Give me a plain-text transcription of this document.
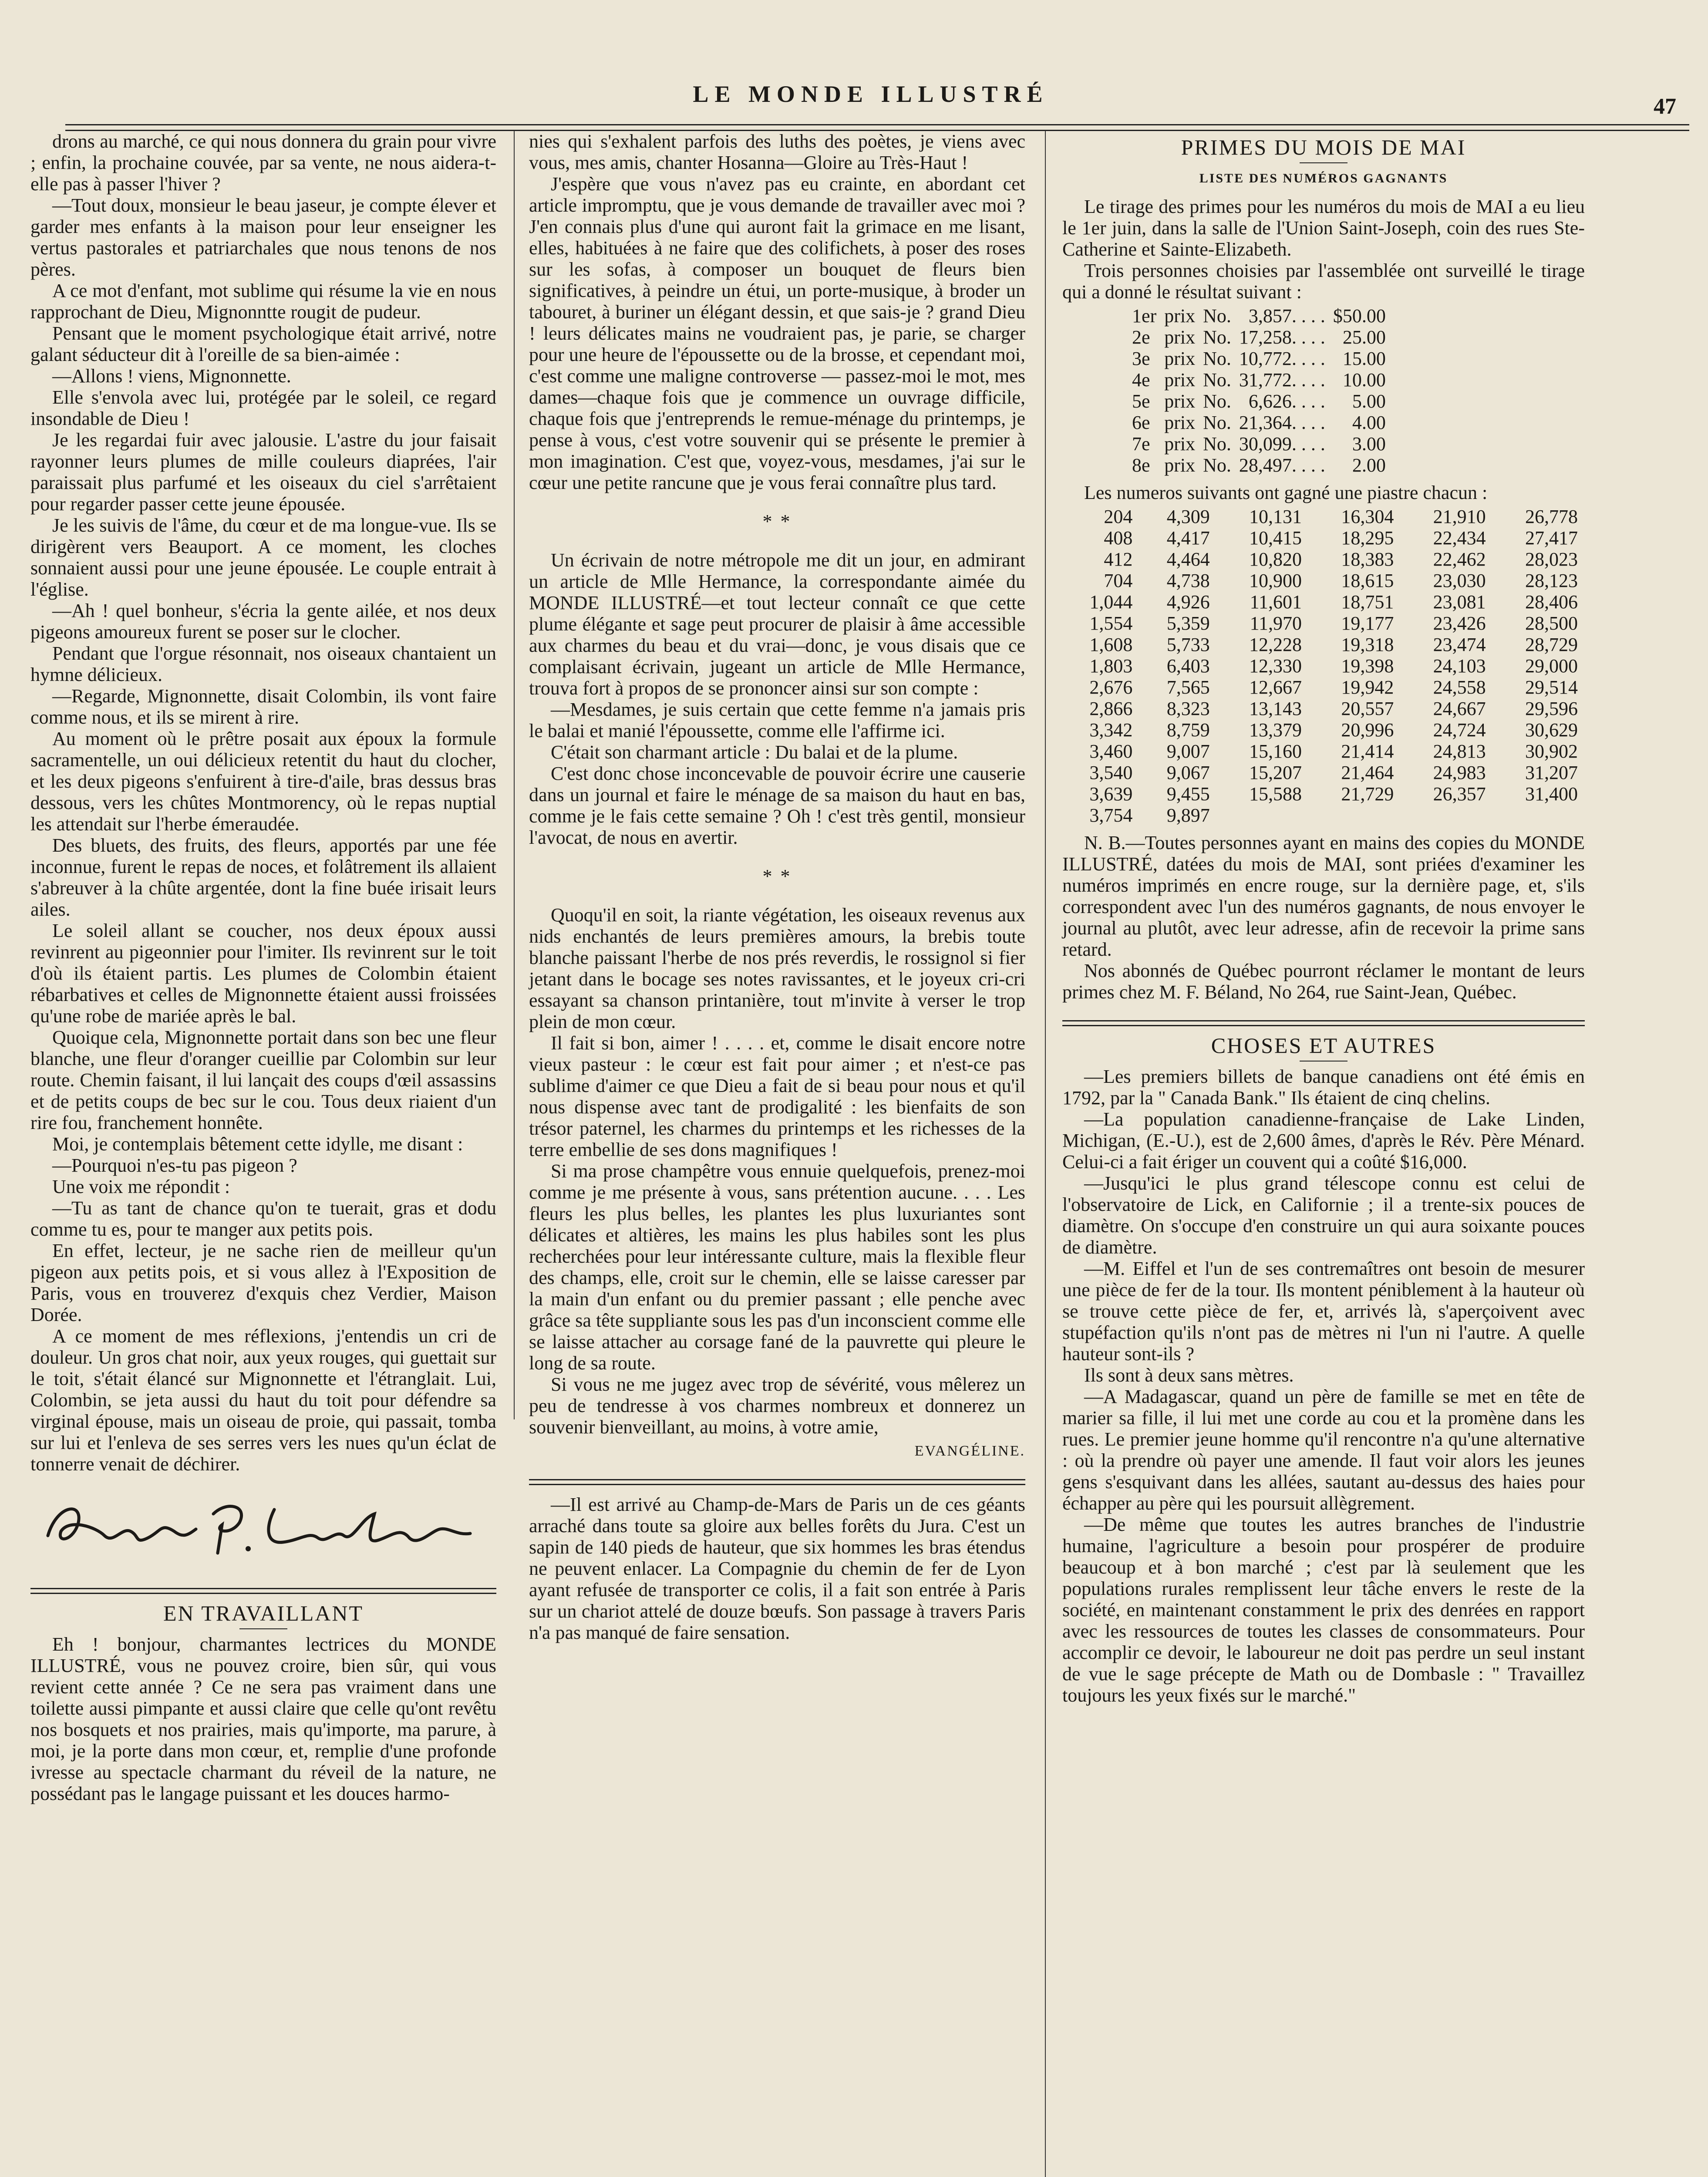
LE MONDE ILLUSTRÉ	47

drons au marché, ce qui nous donnera du grain pour vivre ; enfin, la prochaine couvée, par sa vente, ne nous aidera-t-elle pas à passer l'hiver ?

—Tout doux, monsieur le beau jaseur, je compte élever et garder mes enfants à la maison pour leur enseigner les vertus pastorales et patriarchales que nous tenons de nos pères.

A ce mot d'enfant, mot sublime qui résume la vie en nous rapprochant de Dieu, Mignonntte rougit de pudeur.

Pensant que le moment psychologique était arrivé, notre galant séducteur dit à l'oreille de sa bien-aimée :

—Allons ! viens, Mignonnette.

Elle s'envola avec lui, protégée par le soleil, ce regard insondable de Dieu !

Je les regardai fuir avec jalousie. L'astre du jour faisait rayonner leurs plumes de mille couleurs diaprées, l'air paraissait plus parfumé et les oiseaux du ciel s'arrêtaient pour regarder passer cette jeune épousée.

Je les suivis de l'âme, du cœur et de ma longue-vue. Ils se dirigèrent vers Beauport. A ce moment, les cloches sonnaient aussi pour une jeune épousée. Le couple entrait à l'église.

—Ah ! quel bonheur, s'écria la gente ailée, et nos deux pigeons amoureux furent se poser sur le clocher.

Pendant que l'orgue résonnait, nos oiseaux chantaient un hymne délicieux.

—Regarde, Mignonnette, disait Colombin, ils vont faire comme nous, et ils se mirent à rire.

Au moment où le prêtre posait aux époux la formule sacramentelle, un oui délicieux retentit du haut du clocher, et les deux pigeons s'enfuirent à tire-d'aile, bras dessus bras dessous, vers les chûtes Montmorency, où le repas nuptial les attendait sur l'herbe émeraudée.

Des bluets, des fruits, des fleurs, apportés par une fée inconnue, furent le repas de noces, et folâtrement ils allaient s'abreuver à la chûte argentée, dont la fine buée irisait leurs ailes.

Le soleil allant se coucher, nos deux époux aussi revinrent au pigeonnier pour l'imiter. Ils revinrent sur le toit d'où ils étaient partis. Les plumes de Colombin étaient rébarbatives et celles de Mignonnette étaient aussi froissées qu'une robe de mariée après le bal.

Quoique cela, Mignonnette portait dans son bec une fleur blanche, une fleur d'oranger cueillie par Colombin sur leur route. Chemin faisant, il lui lançait des coups d'œil assassins et de petits coups de bec sur le cou. Tous deux riaient d'un rire fou, franchement honnête.

Moi, je contemplais bêtement cette idylle, me disant :

—Pourquoi n'es-tu pas pigeon ?

Une voix me répondit :

—Tu as tant de chance qu'on te tuerait, gras et dodu comme tu es, pour te manger aux petits pois.

En effet, lecteur, je ne sache rien de meilleur qu'un pigeon aux petits pois, et si vous allez à l'Exposition de Paris, vous en trouverez d'exquis chez Verdier, Maison Dorée.

A ce moment de mes réflexions, j'entendis un cri de douleur. Un gros chat noir, aux yeux rouges, qui guettait sur le toit, s'était élancé sur Mignonnette et l'étranglait. Lui, Colombin, se jeta aussi du haut du toit pour défendre sa virginal épouse, mais un oiseau de proie, qui passait, tomba sur lui et l'enleva de ses serres vers les nues qu'un éclat de tonnerre venait de déchirer.

EN TRAVAILLANT

Eh ! bonjour, charmantes lectrices du MONDE ILLUSTRÉ, vous ne pouvez croire, bien sûr, qui vous revient cette année ? Ce ne sera pas vraiment dans une toilette aussi pimpante et aussi claire que celle qu'ont revêtu nos bosquets et nos prairies, mais qu'importe, ma parure, à moi, je la porte dans mon cœur, et, remplie d'une profonde ivresse au spectacle charmant du réveil de la nature, ne possédant pas le langage puissant et les douces harmo-

nies qui s'exhalent parfois des luths des poètes, je viens avec vous, mes amis, chanter Hosanna—Gloire au Très-Haut !

J'espère que vous n'avez pas eu crainte, en abordant cet article impromptu, que je vous demande de travailler avec moi ? J'en connais plus d'une qui auront fait la grimace en me lisant, elles, habituées à ne faire que des colifichets, à poser des roses sur les sofas, à composer un bouquet de fleurs bien significatives, à peindre un étui, un porte-musique, à broder un tabouret, à buriner un élégant dessin, et que sais-je ? grand Dieu ! leurs délicates mains ne voudraient pas, je parie, se charger pour une heure de l'époussette ou de la brosse, et cependant moi, c'est comme une maligne controverse — passez-moi le mot, mes dames—chaque fois que je commence un ouvrage difficile, chaque fois que j'entreprends le remue-ménage du printemps, je pense à vous, c'est votre souvenir qui se présente le premier à mon imagination. C'est que, voyez-vous, mesdames, j'ai sur le cœur une petite rancune que je vous ferai connaître plus tard.

* *

Un écrivain de notre métropole me dit un jour, en admirant un article de Mlle Hermance, la correspondante aimée du MONDE ILLUSTRÉ—et tout lecteur connaît ce que cette plume élégante et sage peut procurer de plaisir à âme accessible aux charmes du beau et du vrai—donc, je vous disais que ce complaisant écrivain, jugeant un article de Mlle Hermance, trouva fort à propos de se prononcer ainsi sur son compte :

—Mesdames, je suis certain que cette femme n'a jamais pris le balai et manié l'époussette, comme elle l'affirme ici.

C'était son charmant article : Du balai et de la plume.

C'est donc chose inconcevable de pouvoir écrire une causerie dans un journal et faire le ménage de sa maison du haut en bas, comme je le fais cette semaine ? Oh ! c'est très gentil, monsieur l'avocat, de nous en avertir.

* *

Quoqu'il en soit, la riante végétation, les oiseaux revenus aux nids enchantés de leurs premières amours, la brebis toute blanche paissant l'herbe de nos prés reverdis, le rossignol si fier jetant dans le bocage ses notes ravissantes, et le joyeux cri-cri essayant sa chanson printanière, tout m'invite à verser le trop plein de mon cœur.

Il fait si bon, aimer ! . . . . et, comme le disait encore notre vieux pasteur : le cœur est fait pour aimer ; et n'est-ce pas sublime d'aimer ce que Dieu a fait de si beau pour nous et qu'il nous dispense avec tant de prodigalité : les bienfaits de son trésor paternel, les charmes du printemps et les richesses de la terre embellie de ses dons magnifiques !

Si ma prose champêtre vous ennuie quelquefois, prenez-moi comme je me présente à vous, sans prétention aucune. . . . Les fleurs les plus belles, les plantes les plus luxuriantes sont délicates et altières, les mains les plus habiles sont les plus recherchées pour leur intéressante culture, mais la flexible fleur des champs, elle, croit sur le chemin, elle se laisse caresser par la main d'un enfant ou du premier passant ; elle penche avec grâce sa tête suppliante sous les pas d'un inconscient comme elle se laisse attacher au corsage fané de la pauvrette qui pleure le long de sa route.

Si vous ne me jugez avec trop de sévérité, vous mêlerez un peu de tendresse à vos charmes nombreux et donnerez un souvenir bienveillant, au moins, à votre amie,

EVANGÉLINE.

—Il est arrivé au Champ-de-Mars de Paris un de ces géants arraché dans toute sa gloire aux belles forêts du Jura. C'est un sapin de 140 pieds de hauteur, que six hommes les bras étendus ne peuvent enlacer. La Compagnie du chemin de fer de Lyon ayant refusée de transporter ce colis, il a fait son entrée à Paris sur un chariot attelé de douze bœufs. Son passage à travers Paris n'a pas manqué de faire sensation.

PRIMES DU MOIS DE MAI
LISTE DES NUMÉROS GAGNANTS

Le tirage des primes pour les numéros du mois de MAI a eu lieu le 1er juin, dans la salle de l'Union Saint-Joseph, coin des rues Ste-Catherine et Sainte-Elizabeth.

Trois personnes choisies par l'assemblée ont surveillé le tirage qui a donné le résultat suivant :

1er	prix	No.	3,857. . . .	$50.00
2e	prix	No.	17,258. . . .	25.00
3e	prix	No.	10,772. . . .	15.00
4e	prix	No.	31,772. . . .	10.00
5e	prix	No.	6,626. . . .	5.00
6e	prix	No.	21,364. . . .	4.00
7e	prix	No.	30,099. . . .	3.00
8e	prix	No.	28,497. . . .	2.00

Les numeros suivants ont gagné une piastre chacun :

204	4,309	10,131	16,304	21,910	26,778
408	4,417	10,415	18,295	22,434	27,417
412	4,464	10,820	18,383	22,462	28,023
704	4,738	10,900	18,615	23,030	28,123
1,044	4,926	11,601	18,751	23,081	28,406
1,554	5,359	11,970	19,177	23,426	28,500
1,608	5,733	12,228	19,318	23,474	28,729
1,803	6,403	12,330	19,398	24,103	29,000
2,676	7,565	12,667	19,942	24,558	29,514
2,866	8,323	13,143	20,557	24,667	29,596
3,342	8,759	13,379	20,996	24,724	30,629
3,460	9,007	15,160	21,414	24,813	30,902
3,540	9,067	15,207	21,464	24,983	31,207
3,639	9,455	15,588	21,729	26,357	31,400
3,754	9,897				

N. B.—Toutes personnes ayant en mains des copies du MONDE ILLUSTRÉ, datées du mois de MAI, sont priées d'examiner les numéros imprimés en encre rouge, sur la dernière page, et, s'ils correspondent avec l'un des numéros gagnants, de nous envoyer le journal au plutôt, avec leur adresse, afin de recevoir la prime sans retard.

Nos abonnés de Québec pourront réclamer le montant de leurs primes chez M. F. Béland, No 264, rue Saint-Jean, Québec.

CHOSES ET AUTRES

—Les premiers billets de banque canadiens ont été émis en 1792, par la " Canada Bank." Ils étaient de cinq chelins.

—La population canadienne-française de Lake Linden, Michigan, (E.-U.), est de 2,600 âmes, d'après le Rév. Père Ménard. Celui-ci a fait ériger un couvent qui a coûté $16,000.

—Jusqu'ici le plus grand télescope connu est celui de l'observatoire de Lick, en Californie ; il a trente-six pouces de diamètre. On s'occupe d'en construire un qui aura soixante pouces de diamètre.

—M. Eiffel et l'un de ses contremaîtres ont besoin de mesurer une pièce de fer de la tour. Ils montent péniblement à la hauteur où se trouve cette pièce de fer, et, arrivés là, s'aperçoivent avec stupéfaction qu'ils n'ont pas de mètres ni l'un ni l'autre. A quelle hauteur sont-ils ?

Ils sont à deux sans mètres.

—A Madagascar, quand un père de famille se met en tête de marier sa fille, il lui met une corde au cou et la promène dans les rues. Le premier jeune homme qu'il rencontre n'a qu'une alternative : où la prendre où payer une amende. Il faut voir alors les jeunes gens s'esquivant dans les allées, sautant au-dessus des haies pour échapper au père qui les poursuit allègrement.

—De même que toutes les autres branches de l'industrie humaine, l'agriculture a besoin pour prospérer de produire beaucoup et à bon marché ; c'est par là seulement que les populations rurales remplissent leur tâche envers le reste de la société, en maintenant constamment le prix des denrées en rapport avec les ressources de toutes les classes de consommateurs. Pour accomplir ce devoir, le laboureur ne doit pas perdre un seul instant de vue le sage précepte de Math ou de Dombasle : " Travaillez toujours les yeux fixés sur le marché."
